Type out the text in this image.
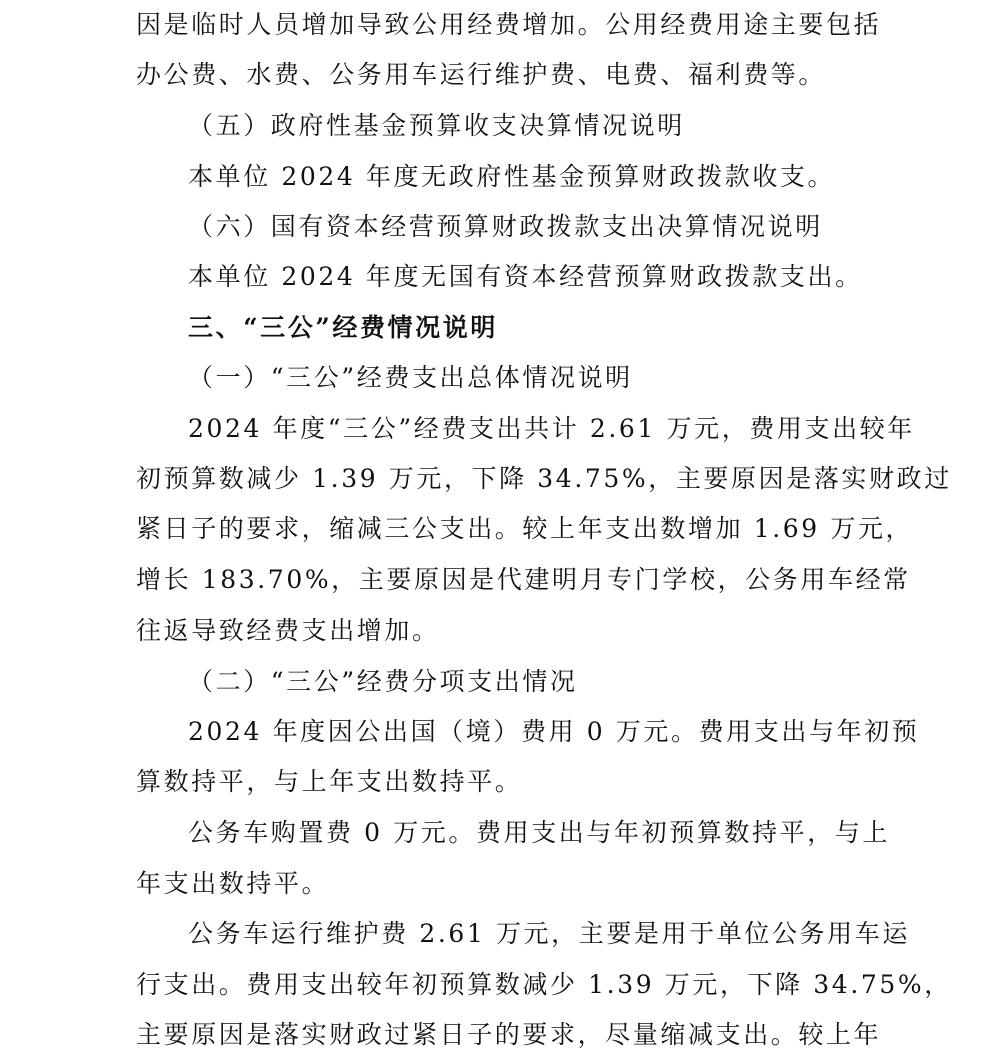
因是临时人员增加导致公用经费增加。公用经费用途主要包括
办公费、水费、公务用车运行维护费、电费、福利费等。
（五）政府性基金预算收支决算情况说明
本单位 2024 年度无政府性基金预算财政拨款收支。
（六）国有资本经营预算财政拨款支出决算情况说明
本单位 2024 年度无国有资本经营预算财政拨款支出。
三、“三公”经费情况说明
（一）“三公”经费支出总体情况说明
2024 年度“三公”经费支出共计 2.61 万元，费用支出较年
初预算数减少 1.39 万元，下降 34.75%，主要原因是落实财政过
紧日子的要求，缩减三公支出。较上年支出数增加 1.69 万元，
增长 183.70%，主要原因是代建明月专门学校，公务用车经常
往返导致经费支出增加。
（二）“三公”经费分项支出情况
2024 年度因公出国（境）费用 0 万元。费用支出与年初预
算数持平，与上年支出数持平。
公务车购置费 0 万元。费用支出与年初预算数持平，与上
年支出数持平。
公务车运行维护费 2.61 万元，主要是用于单位公务用车运
行支出。费用支出较年初预算数减少 1.39 万元，下降 34.75%，
主要原因是落实财政过紧日子的要求，尽量缩减支出。较上年
